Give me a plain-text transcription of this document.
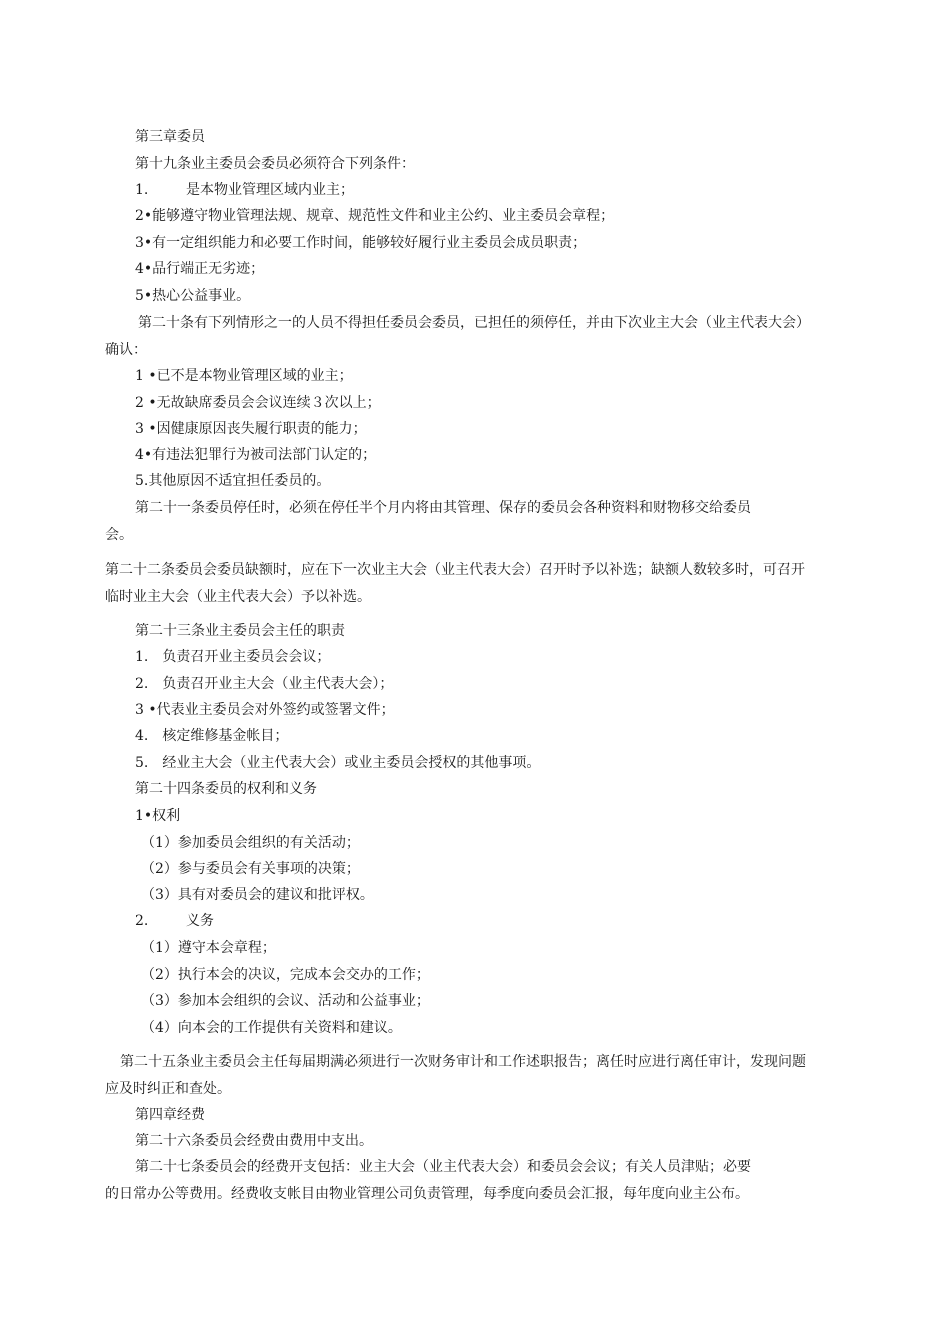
第三章委员
第十九条业主委员会委员必须符合下列条件：
1.	是本物业管理区域内业主；
2•能够遵守物业管理法规、规章、规范性文件和业主公约、业主委员会章程；
3•有一定组织能力和必要工作时间，能够较好履行业主委员会成员职责；
4•品行端正无劣迹；
5•热心公益事业。
第二十条有下列情形之一的人员不得担任委员会委员，已担任的须停任，并由下次业主大会（业主代表大会）
确认：
1 •已不是本物业管理区域的业主；
2 •无故缺席委员会会议连续３次以上；
3 •因健康原因丧失履行职责的能力；
4•有违法犯罪行为被司法部门认定的；
5.其他原因不适宜担任委员的。
第二十一条委员停任时，必须在停任半个月内将由其管理、保存的委员会各种资料和财物移交给委员
会。
第二十二条委员会委员缺额时，应在下一次业主大会（业主代表大会）召开时予以补选；缺额人数较多时，可召开
临时业主大会（业主代表大会）予以补选。
第二十三条业主委员会主任的职责
1.　负责召开业主委员会会议；
2.　负责召开业主大会（业主代表大会）；
3 •代表业主委员会对外签约或签署文件；
4.　核定维修基金帐目；
5.　经业主大会（业主代表大会）或业主委员会授权的其他事项。
第二十四条委员的权利和义务
1•权利
（1）参加委员会组织的有关活动；
（2）参与委员会有关事项的决策；
（3）具有对委员会的建议和批评权。
2.	义务
（1）遵守本会章程；
（2）执行本会的决议，完成本会交办的工作；
（3）参加本会组织的会议、活动和公益事业；
（4）向本会的工作提供有关资料和建议。
第二十五条业主委员会主任每届期满必须进行一次财务审计和工作述职报告；离任时应进行离任审计，发现问题
应及时纠正和查处。
第四章经费
第二十六条委员会经费由费用中支出。
第二十七条委员会的经费开支包括：业主大会（业主代表大会）和委员会会议；有关人员津贴；必要
的日常办公等费用。经费收支帐目由物业管理公司负责管理，每季度向委员会汇报，每年度向业主公布。
